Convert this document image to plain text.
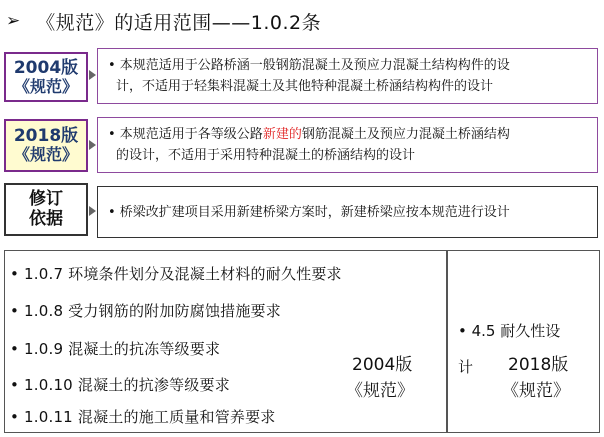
➢ 《规范》的适用范围——1.0.2条
2004版
《规范》
• 本规范适用于公路桥涵一般钢筋混凝土及预应力混凝土结构构件的设
计，不适用于轻集料混凝土及其他特种混凝土桥涵结构构件的设计
2018版
《规范》
• 本规范适用于各等级公路新建的钢筋混凝土及预应力混凝土桥涵结构
的设计，不适用于采用特种混凝土的桥涵结构的设计
修订
依据	• 桥梁改扩建项目采用新建桥梁方案时，新建桥梁应按本规范进行设计
• 1.0.7 环境条件划分及混凝土材料的耐久性要求
• 1.0.8 受力钢筋的附加防腐蚀措施要求
• 1.0.9 混凝土的抗冻等级要求
• 1.0.10 混凝土的抗渗等级要求
• 1.0.11 混凝土的施工质量和管养要求
2004版
《规范》
• 4.5 耐久性设
计 2018版
《规范》
